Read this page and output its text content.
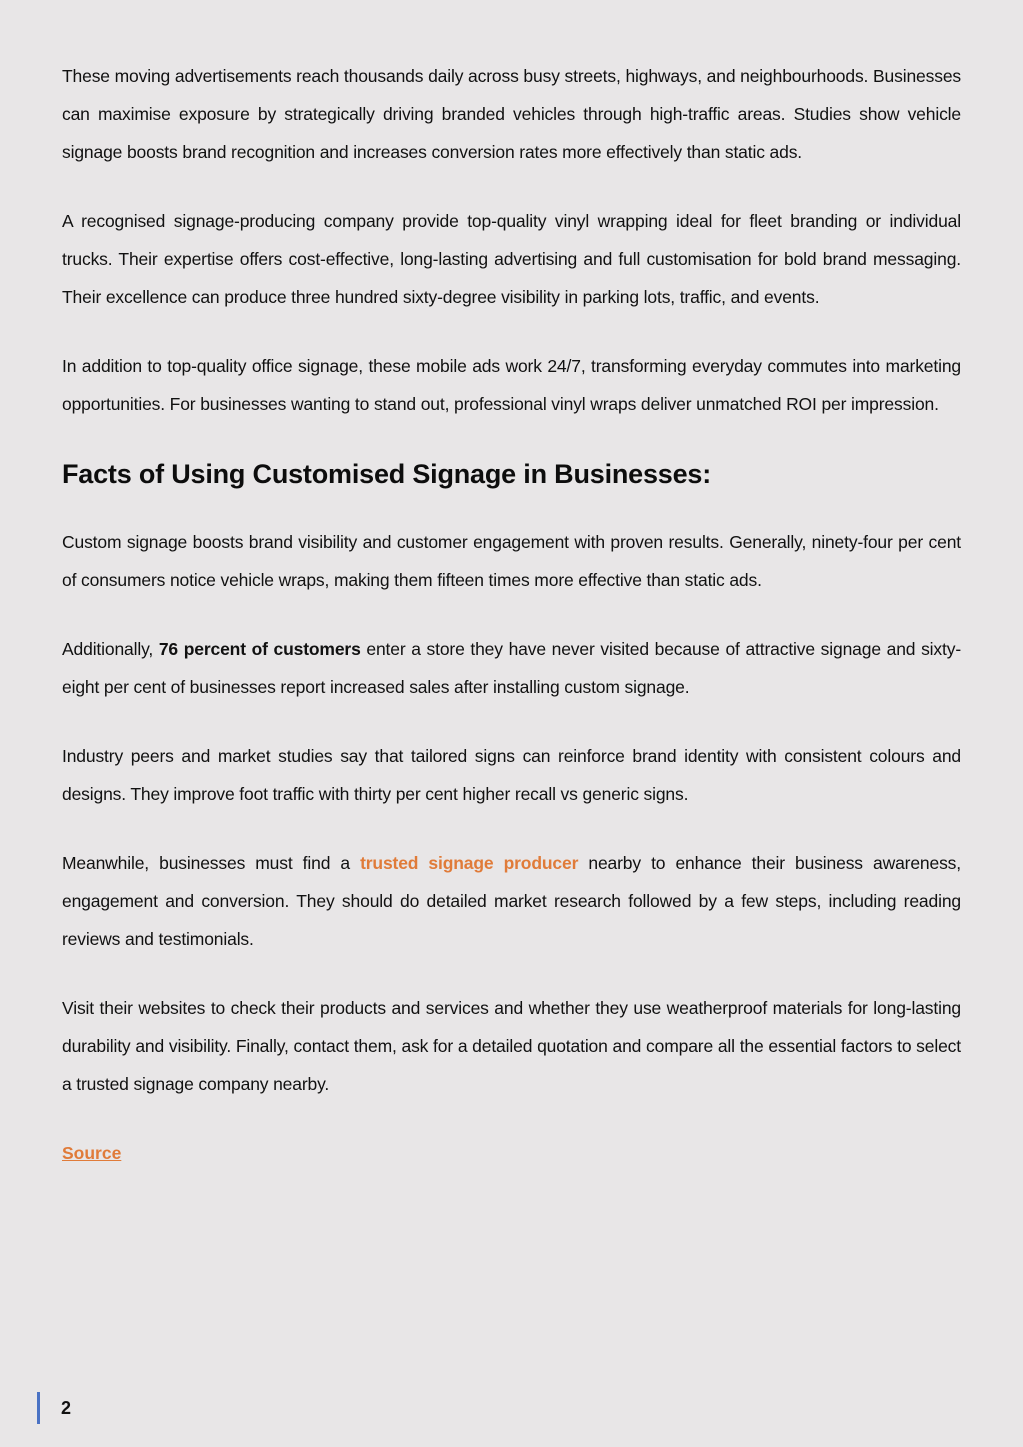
These moving advertisements reach thousands daily across busy streets, highways, and neighbourhoods. Businesses can maximise exposure by strategically driving branded vehicles through high-traffic areas. Studies show vehicle signage boosts brand recognition and increases conversion rates more effectively than static ads.

A recognised signage-producing company provide top-quality vinyl wrapping ideal for fleet branding or individual trucks. Their expertise offers cost-effective, long-lasting advertising and full customisation for bold brand messaging. Their excellence can produce three hundred sixty-degree visibility in parking lots, traffic, and events.

In addition to top-quality office signage, these mobile ads work 24/7, transforming everyday commutes into marketing opportunities. For businesses wanting to stand out, professional vinyl wraps deliver unmatched ROI per impression.

Facts of Using Customised Signage in Businesses:

Custom signage boosts brand visibility and customer engagement with proven results. Generally, ninety-four per cent of consumers notice vehicle wraps, making them fifteen times more effective than static ads.

Additionally, 76 percent of customers enter a store they have never visited because of attractive signage and sixty-eight per cent of businesses report increased sales after installing custom signage.

Industry peers and market studies say that tailored signs can reinforce brand identity with consistent colours and designs. They improve foot traffic with thirty per cent higher recall vs generic signs.

Meanwhile, businesses must find a trusted signage producer nearby to enhance their business awareness, engagement and conversion. They should do detailed market research followed by a few steps, including reading reviews and testimonials.

Visit their websites to check their products and services and whether they use weatherproof materials for long-lasting durability and visibility. Finally, contact them, ask for a detailed quotation and compare all the essential factors to select a trusted signage company nearby.

Source
2
